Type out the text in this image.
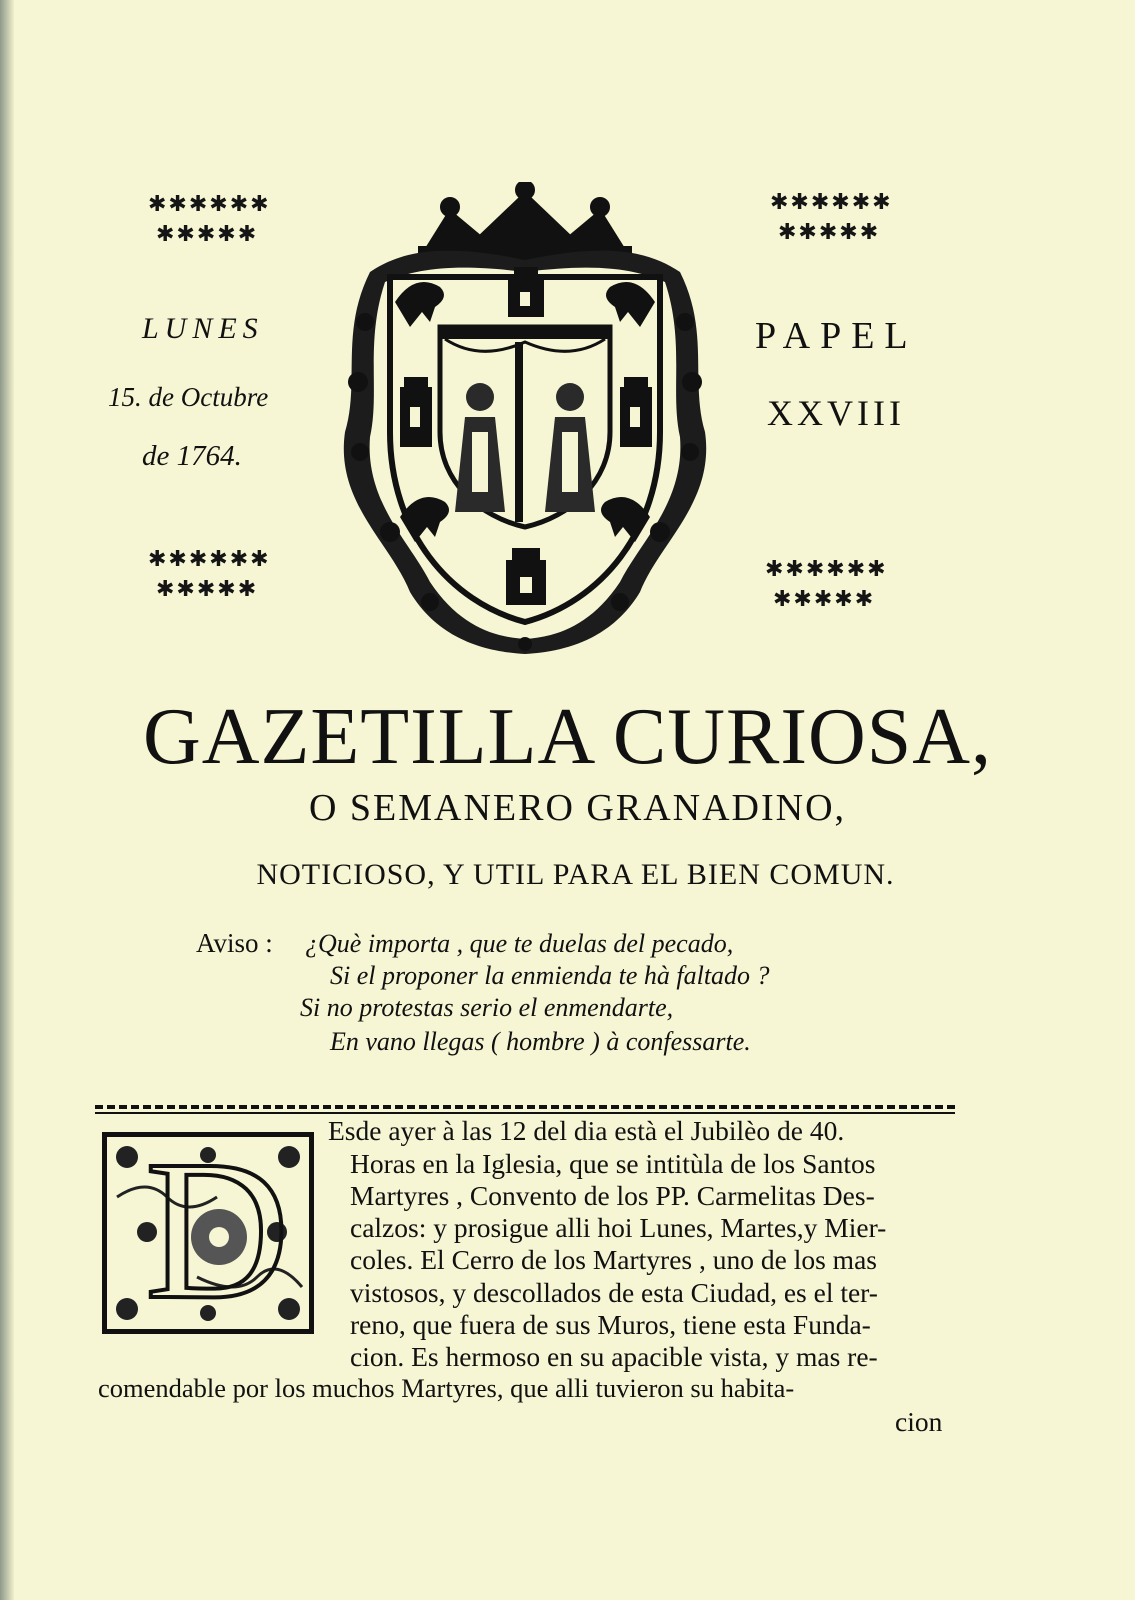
✱✱✱✱✱✱
✱✱✱✱✱
✱✱✱✱✱✱
✱✱✱✱✱
✱✱✱✱✱✱
✱✱✱✱✱
✱✱✱✱✱✱
✱✱✱✱✱
LUNES
15. de Octubre
de 1764.
PAPEL
XXVIII
GAZETILLA CURIOSA,
O SEMANERO GRANADINO,
NOTICIOSO, Y UTIL PARA EL BIEN COMUN.
Aviso : ¿Què importa , que te duelas del pecado,
Si el proponer la enmienda te hà faltado ?
Si no protestas serio el enmendarte,
En vano llegas ( hombre ) à confessarte.
D Esde ayer à las 12 del dia està el Jubilèo de 40.
Horas en la Iglesia, que se intitùla de los Santos
Martyres , Convento de los PP. Carmelitas Des-
calzos: y prosigue alli hoi Lunes, Martes,y Mier-
coles. El Cerro de los Martyres , uno de los mas
vistosos, y descollados de esta Ciudad, es el ter-
reno, que fuera de sus Muros, tiene esta Funda-
cion. Es hermoso en su apacible vista, y mas re-
comendable por los muchos Martyres, que alli tuvieron su habita-
cion
